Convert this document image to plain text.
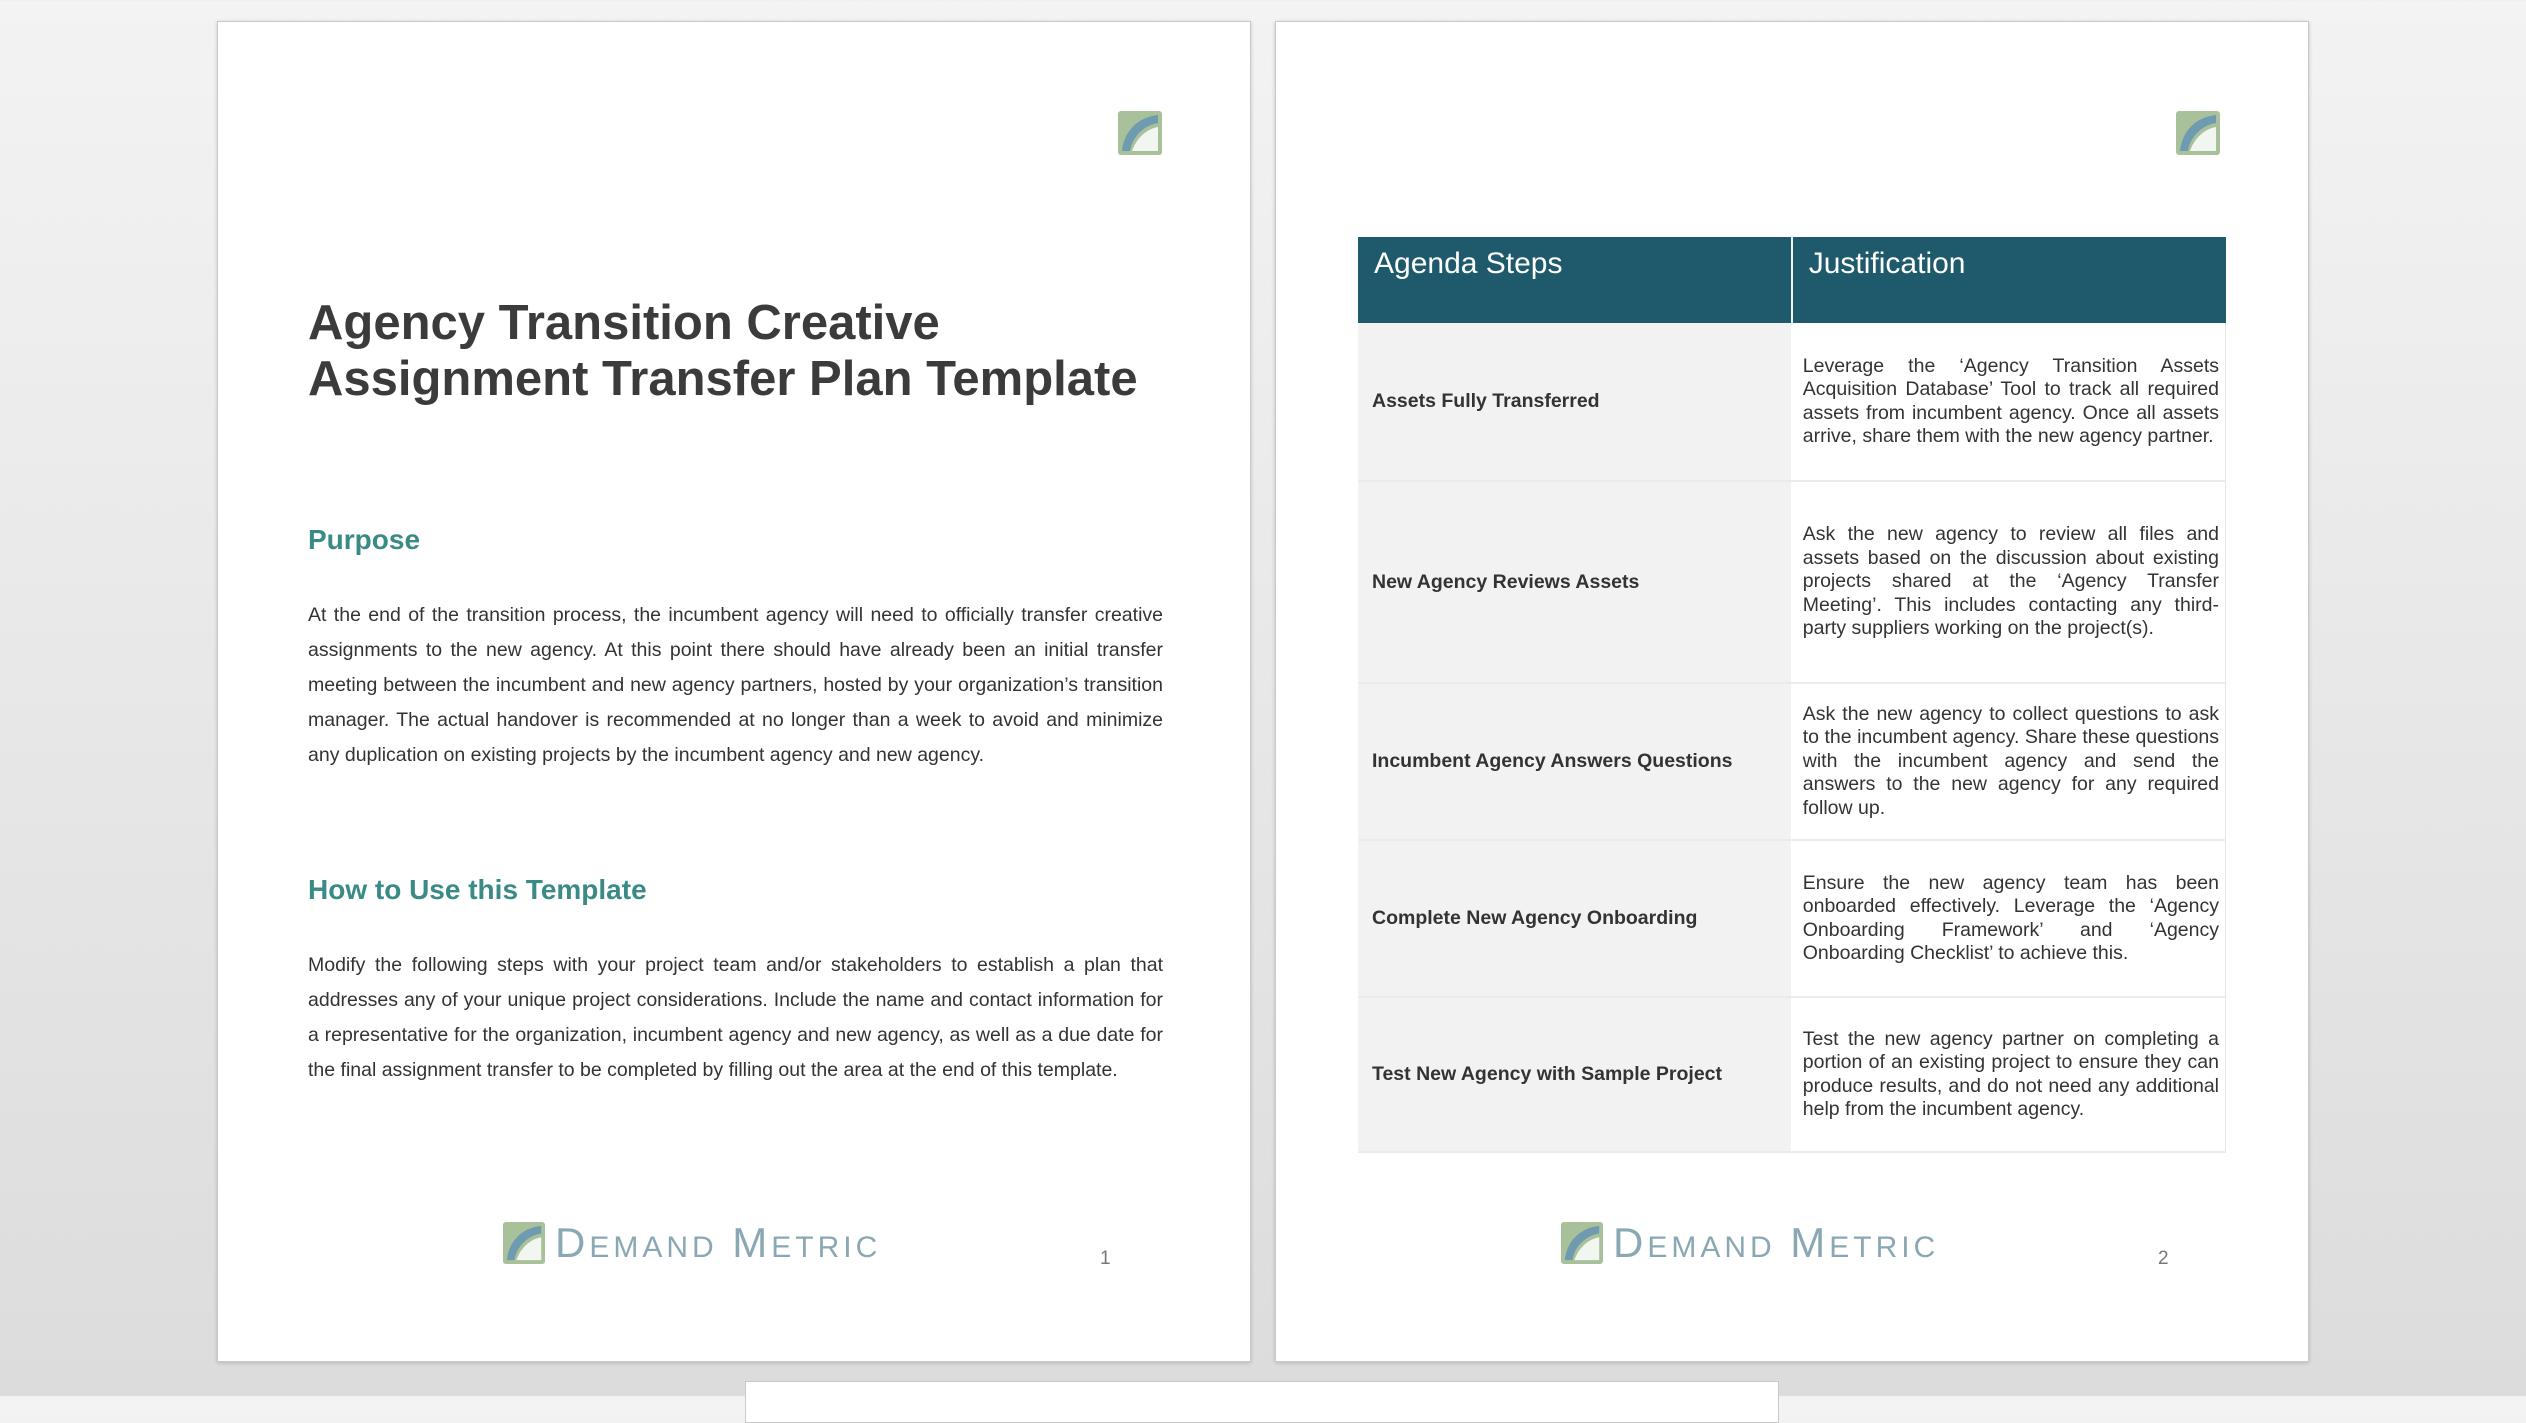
Agency Transition Creative
Assignment Transfer Plan Template
Purpose
At the end of the transition process, the incumbent agency will need to officially transfer creative assignments to the new agency. At this point there should have already been an initial transfer meeting between the incumbent and new agency partners, hosted by your organization’s transition manager. The actual handover is recommended at no longer than a week to avoid and minimize any duplication on existing projects by the incumbent agency and new agency.
How to Use this Template
Modify the following steps with your project team and/or stakeholders to establish a plan that addresses any of your unique project considerations. Include the name and contact information for a representative for the organization, incumbent agency and new agency, as well as a due date for the final assignment transfer to be completed by filling out the area at the end of this template.
DEMAND METRIC	1
Agenda Steps	Justification
Assets Fully Transferred	Leverage the ‘Agency Transition Assets Acquisition Database’ Tool to track all required assets from incumbent agency. Once all assets arrive, share them with the new agency partner.
New Agency Reviews Assets	Ask the new agency to review all files and assets based on the discussion about existing projects shared at the ‘Agency Transfer Meeting’. This includes contacting any third-party suppliers working on the project(s).
Incumbent Agency Answers Questions	Ask the new agency to collect questions to ask to the incumbent agency. Share these questions with the incumbent agency and send the answers to the new agency for any required follow up.
Complete New Agency Onboarding	Ensure the new agency team has been onboarded effectively. Leverage the ‘Agency Onboarding Framework’ and ‘Agency Onboarding Checklist’ to achieve this.
Test New Agency with Sample Project	Test the new agency partner on completing a portion of an existing project to ensure they can produce results, and do not need any additional help from the incumbent agency.
DEMAND METRIC	2
